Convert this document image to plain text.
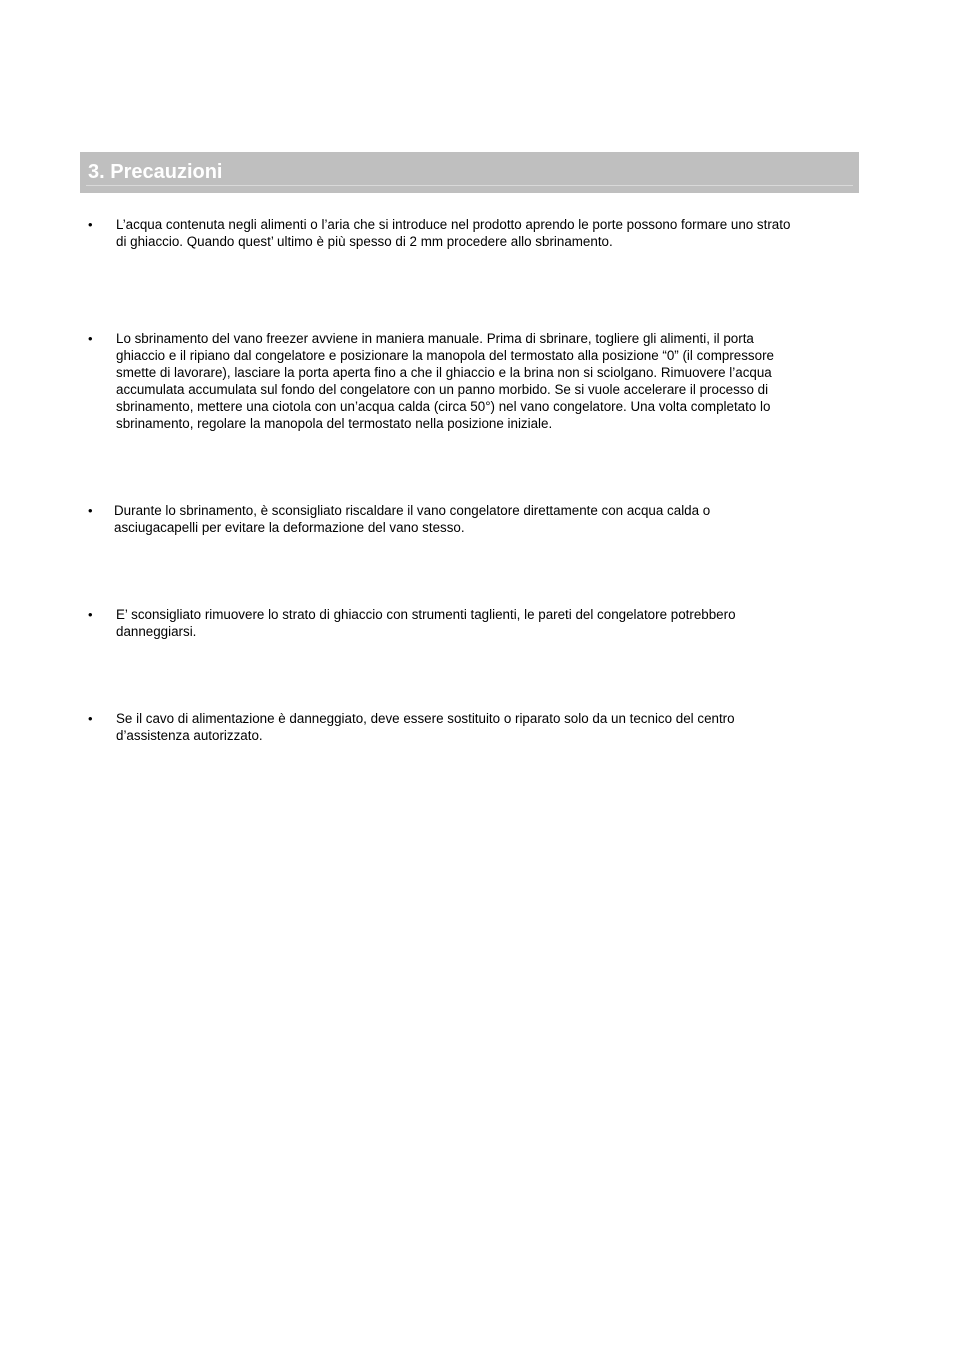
3. Precauzioni
• L’acqua contenuta negli alimenti o l’aria che si introduce nel prodotto aprendo le porte possono formare uno strato
di ghiaccio. Quando quest’ ultimo è più spesso di 2 mm procedere allo sbrinamento.
• Lo sbrinamento del vano freezer avviene in maniera manuale. Prima di sbrinare, togliere gli alimenti, il porta
ghiaccio e il ripiano dal congelatore e posizionare la manopola del termostato alla posizione “0” (il compressore
smette di lavorare), lasciare la porta aperta fino a che il ghiaccio e la brina non si sciolgano. Rimuovere l’acqua
accumulata accumulata sul fondo del congelatore con un panno morbido. Se si vuole accelerare il processo di
sbrinamento, mettere una ciotola con un’acqua calda (circa 50°) nel vano congelatore. Una volta completato lo
sbrinamento, regolare la manopola del termostato nella posizione iniziale.
• Durante lo sbrinamento, è sconsigliato riscaldare il vano congelatore direttamente con acqua calda o
asciugacapelli per evitare la deformazione del vano stesso.
• E’ sconsigliato rimuovere lo strato di ghiaccio con strumenti taglienti, le pareti del congelatore potrebbero
danneggiarsi.
• Se il cavo di alimentazione è danneggiato, deve essere sostituito o riparato solo da un tecnico del centro
d’assistenza autorizzato.
